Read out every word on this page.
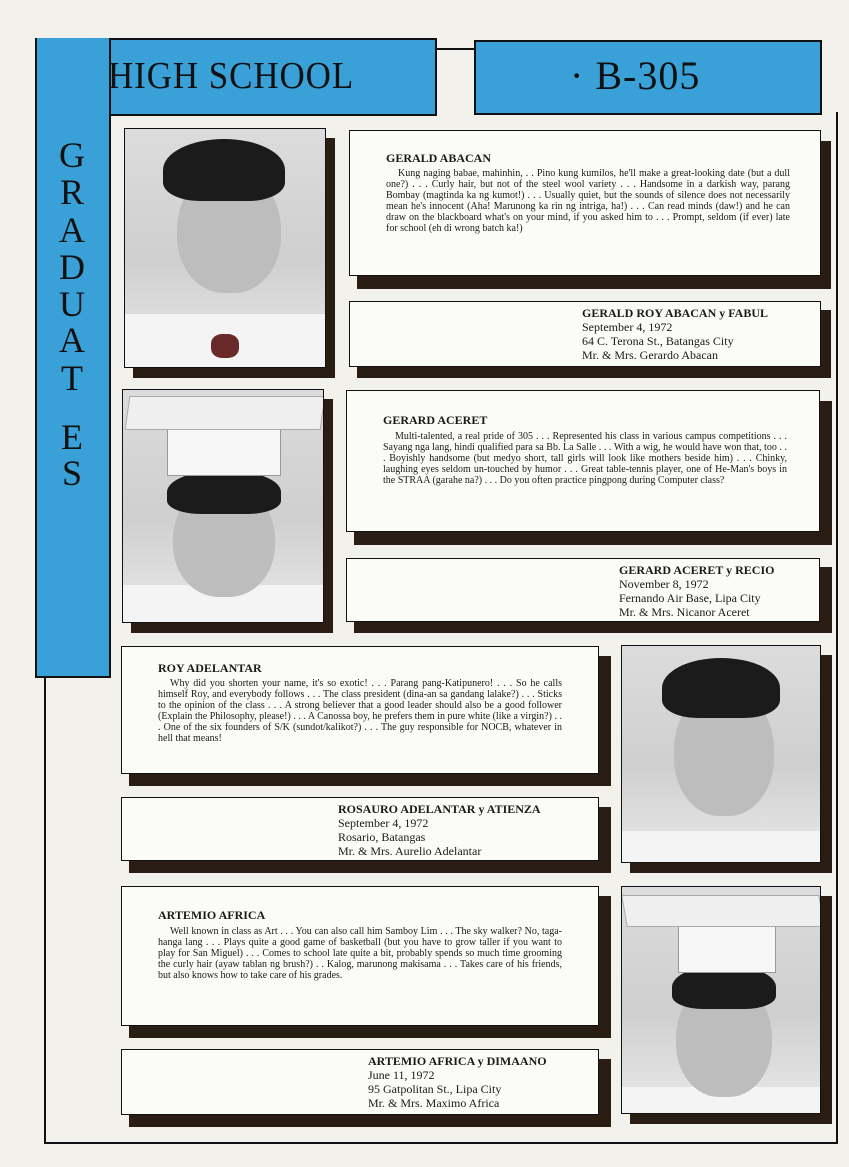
HIGH SCHOOL	· B-305
G
R
A
D
U
A
T
E
S
GERALD ABACAN
Kung naging babae, mahinhin, . . Pino kung kumilos, he'll make a great-looking date (but a dull one?) . . . Curly hair, but not of the steel wool variety . . . Handsome in a darkish way, parang Bombay (magtinda ka ng kumot!) . . . Usually quiet, but the sounds of silence does not necessarily mean he's innocent (Aha! Marunong ka rin ng intriga, ha!) . . . Can read minds (daw!) and he can draw on the blackboard what's on your mind, if you asked him to . . . Prompt, seldom (if ever) late for school (eh di wrong batch ka!)
GERALD ROY ABACAN y FABUL
September 4, 1972
64 C. Terona St., Batangas City
Mr. & Mrs. Gerardo Abacan
GERARD ACERET
Multi-talented, a real pride of 305 . . . Represented his class in various campus competitions . . . Sayang nga lang, hindi qualified para sa Bb. La Salle . . . With a wig, he would have won that, too . . . Boyishly handsome (but medyo short, tall girls will look like mothers beside him) . . . Chinky, laughing eyes seldom un-touched by humor . . . Great table-tennis player, one of He-Man's boys in the STRAA (garahe na?) . . . Do you often practice pingpong during Computer class?
GERARD ACERET y RECIO
November 8, 1972
Fernando Air Base, Lipa City
Mr. & Mrs. Nicanor Aceret
ROY ADELANTAR
Why did you shorten your name, it's so exotic! . . . Parang pang-Katipunero! . . . So he calls himself Roy, and everybody follows . . . The class president (dina-an sa gandang lalake?) . . . Sticks to the opinion of the class . . . A strong believer that a good leader should also be a good follower (Explain the Philosophy, please!) . . . A Canossa boy, he prefers them in pure white (like a virgin?) . . . One of the six founders of S/K (sundot/kalikot?) . . . The guy responsible for NOCB, whatever in hell that means!
ROSAURO ADELANTAR y ATIENZA
September 4, 1972
Rosario, Batangas
Mr. & Mrs. Aurelio Adelantar
ARTEMIO AFRICA
Well known in class as Art . . . You can also call him Samboy Lim . . . The sky walker? No, taga-hanga lang . . . Plays quite a good game of basketball (but you have to grow taller if you want to play for San Miguel) . . . Comes to school late quite a bit, probably spends so much time grooming the curly hair (ayaw tablan ng brush?) . . Kalog, marunong makisama . . . Takes care of his friends, but also knows how to take care of his grades.
ARTEMIO AFRICA y DIMAANO
June 11, 1972
95 Gatpolitan St., Lipa City
Mr. & Mrs. Maximo Africa
